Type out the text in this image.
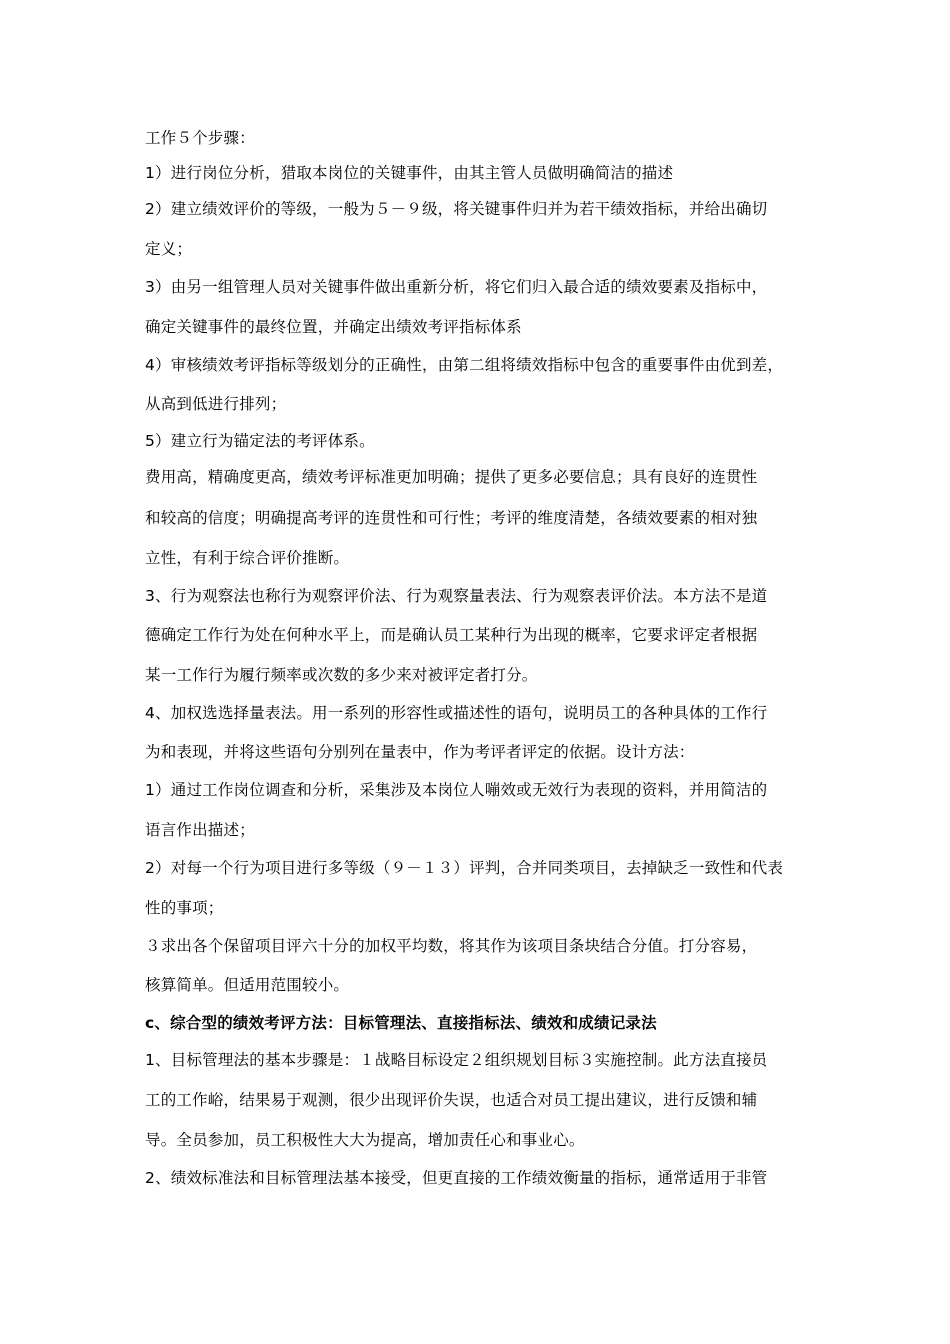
工作５个步骤：
1）进行岗位分析，猎取本岗位的关键事件，由其主管人员做明确简洁的描述
2）建立绩效评价的等级，一般为５－９级，将关键事件归并为若干绩效指标，并给出确切
定义；
3）由另一组管理人员对关键事件做出重新分析，将它们归入最合适的绩效要素及指标中，
确定关键事件的最终位置，并确定出绩效考评指标体系
4）审核绩效考评指标等级划分的正确性，由第二组将绩效指标中包含的重要事件由优到差，
从高到低进行排列；
5）建立行为锚定法的考评体系。
费用高，精确度更高，绩效考评标准更加明确；提供了更多必要信息；具有良好的连贯性
和较高的信度；明确提高考评的连贯性和可行性；考评的维度清楚，各绩效要素的相对独
立性，有利于综合评价推断。
3、行为观察法也称行为观察评价法、行为观察量表法、行为观察表评价法。本方法不是道
德确定工作行为处在何种水平上，而是确认员工某种行为出现的概率，它要求评定者根据
某一工作行为履行频率或次数的多少来对被评定者打分。
4、加权选选择量表法。用一系列的形容性或描述性的语句，说明员工的各种具体的工作行
为和表现，并将这些语句分别列在量表中，作为考评者评定的依据。设计方法：
1）通过工作岗位调查和分析，采集涉及本岗位人嘣效或无效行为表现的资料，并用简洁的
语言作出描述；
2）对每一个行为项目进行多等级（９－１３）评判，合并同类项目，去掉缺乏一致性和代表
性的事项；
３求出各个保留项目评六十分的加权平均数，将其作为该项目条块结合分值。打分容易，
核算简单。但适用范围较小。
c、综合型的绩效考评方法：目标管理法、直接指标法、绩效和成绩记录法
1、目标管理法的基本步骤是：１战略目标设定２组织规划目标３实施控制。此方法直接员
工的工作峪，结果易于观测，很少出现评价失误，也适合对员工提出建议，进行反馈和辅
导。全员参加，员工积极性大大为提高，增加责任心和事业心。
2、绩效标准法和目标管理法基本接受，但更直接的工作绩效衡量的指标，通常适用于非管
